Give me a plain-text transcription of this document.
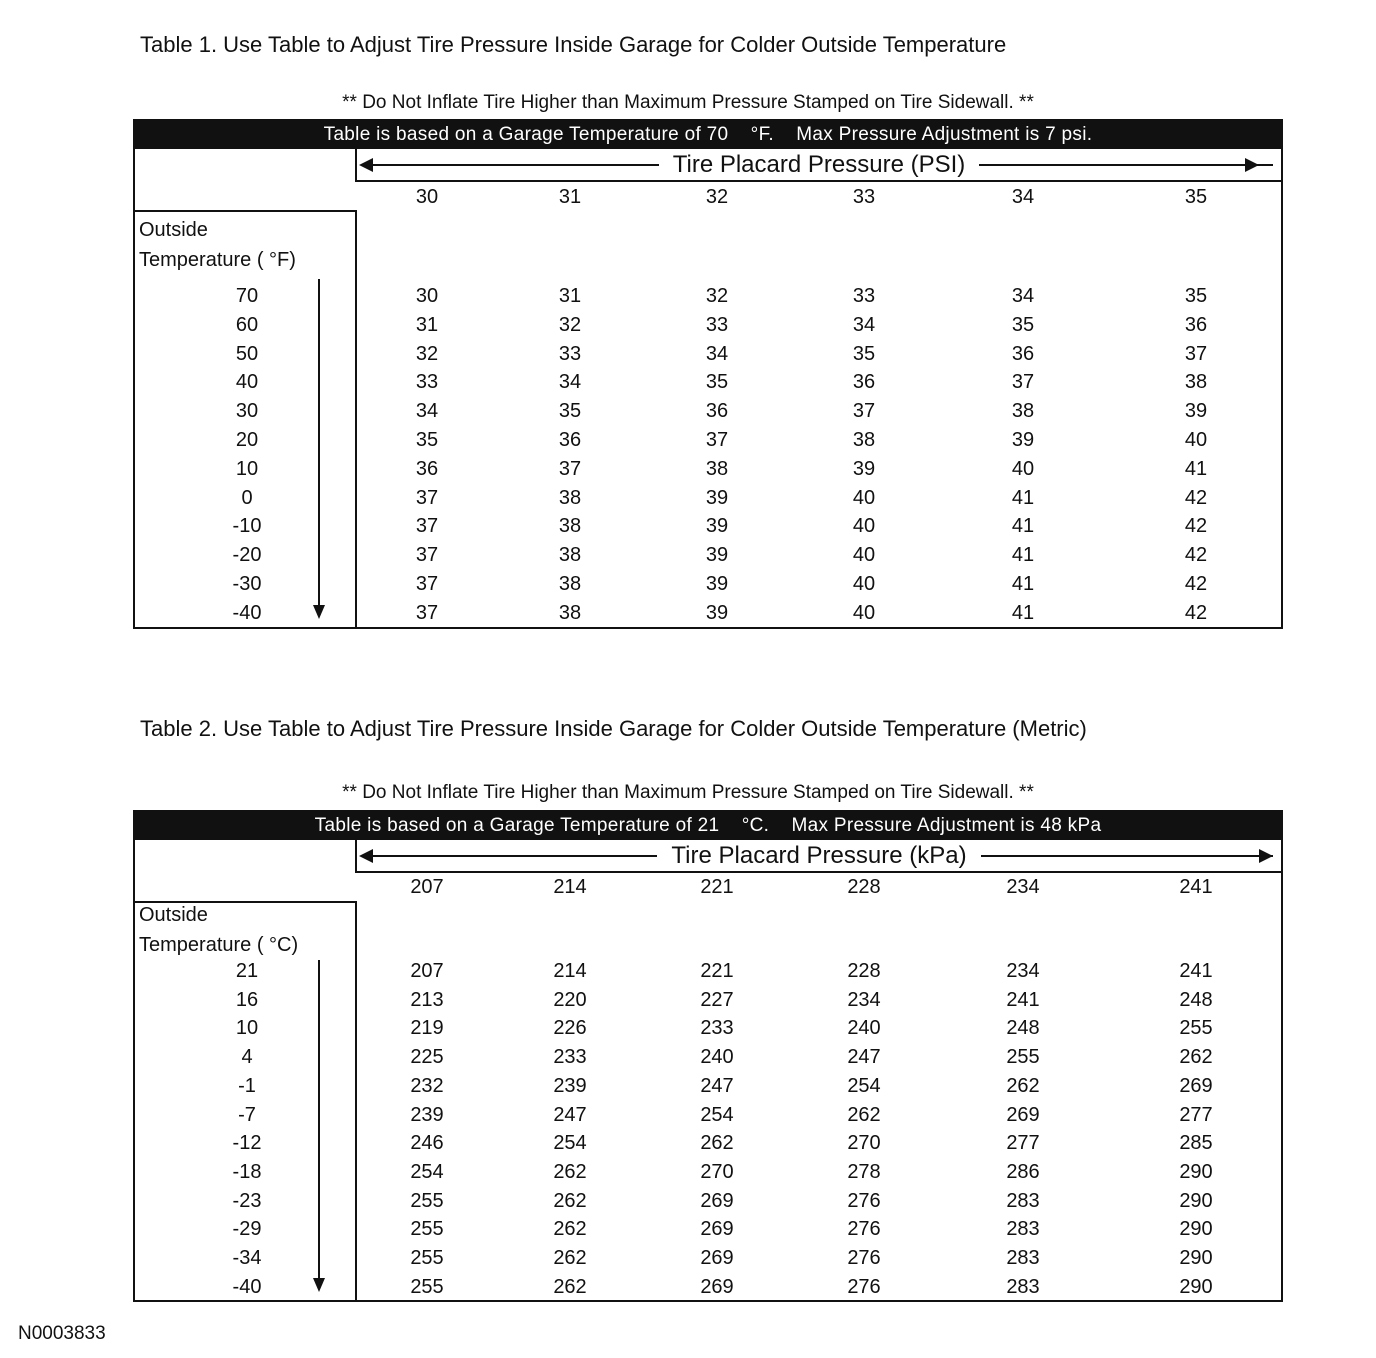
Table 1. Use Table to Adjust Tire Pressure Inside Garage for Colder Outside Temperature
** Do Not Inflate Tire Higher than Maximum Pressure Stamped on Tire Sidewall. **
Table is based on a Garage Temperature of 70    °F.    Max Pressure Adjustment is 7 psi.
Tire Placard Pressure (PSI)
Outside
Temperature ( °F)
30	31	32	33	34	35
70	30	31	32	33	34	35
60	31	32	33	34	35	36
50	32	33	34	35	36	37
40	33	34	35	36	37	38
30	34	35	36	37	38	39
20	35	36	37	38	39	40
10	36	37	38	39	40	41
0	37	38	39	40	41	42
-10	37	38	39	40	41	42
-20	37	38	39	40	41	42
-30	37	38	39	40	41	42
-40	37	38	39	40	41	42
Table 2. Use Table to Adjust Tire Pressure Inside Garage for Colder Outside Temperature (Metric)
** Do Not Inflate Tire Higher than Maximum Pressure Stamped on Tire Sidewall. **
Table is based on a Garage Temperature of 21    °C.    Max Pressure Adjustment is 48 kPa
Tire Placard Pressure (kPa)
Outside
Temperature ( °C)
207	214	221	228	234	241
21	207	214	221	228	234	241
16	213	220	227	234	241	248
10	219	226	233	240	248	255
4	225	233	240	247	255	262
-1	232	239	247	254	262	269
-7	239	247	254	262	269	277
-12	246	254	262	270	277	285
-18	254	262	270	278	286	290
-23	255	262	269	276	283	290
-29	255	262	269	276	283	290
-34	255	262	269	276	283	290
-40	255	262	269	276	283	290
N0003833
